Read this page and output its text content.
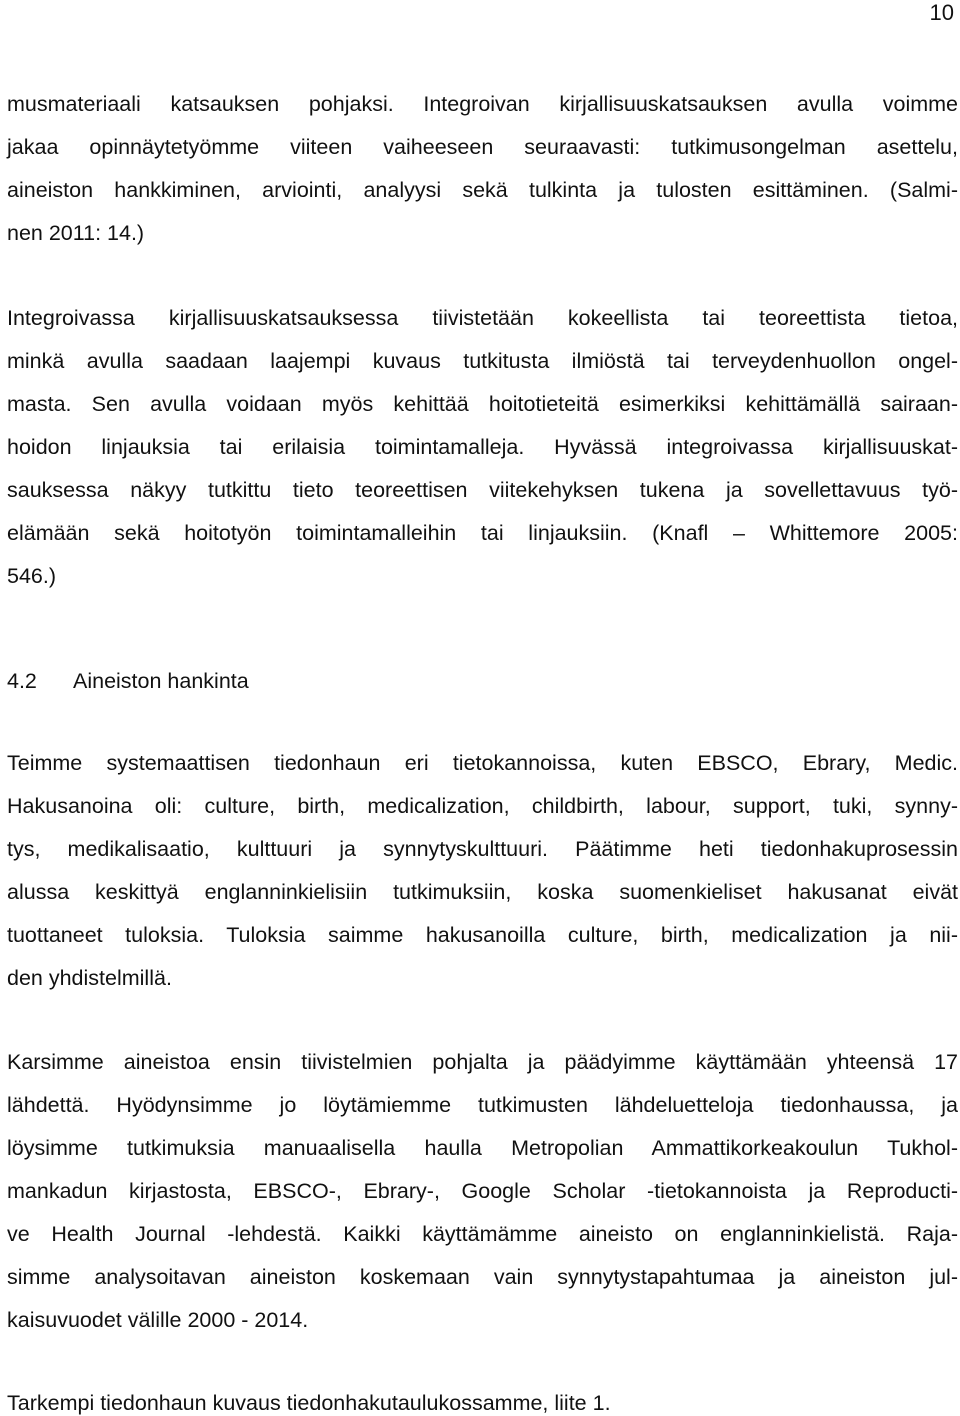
10
musmateriaali katsauksen pohjaksi. Integroivan kirjallisuuskatsauksen avulla voimme
jakaa opinnäytetyömme viiteen vaiheeseen seuraavasti: tutkimusongelman asettelu,
aineiston hankkiminen, arviointi, analyysi sekä tulkinta ja tulosten esittäminen. (Salmi-
nen 2011: 14.)
Integroivassa kirjallisuuskatsauksessa tiivistetään kokeellista tai teoreettista tietoa,
minkä avulla saadaan laajempi kuvaus tutkitusta ilmiöstä tai terveydenhuollon ongel-
masta. Sen avulla voidaan myös kehittää hoitotieteitä esimerkiksi kehittämällä sairaan-
hoidon linjauksia tai erilaisia toimintamalleja. Hyvässä integroivassa kirjallisuuskat-
sauksessa näkyy tutkittu tieto teoreettisen viitekehyksen tukena ja sovellettavuus työ-
elämään sekä hoitotyön toimintamalleihin tai linjauksiin. (Knafl – Whittemore 2005:
546.)
4.2 Aineiston hankinta
Teimme systemaattisen tiedonhaun eri tietokannoissa, kuten EBSCO, Ebrary, Medic.
Hakusanoina oli: culture, birth, medicalization, childbirth, labour, support, tuki, synny-
tys, medikalisaatio, kulttuuri ja synnytyskulttuuri. Päätimme heti tiedonhakuprosessin
alussa keskittyä englanninkielisiin tutkimuksiin, koska suomenkieliset hakusanat eivät
tuottaneet tuloksia. Tuloksia saimme hakusanoilla culture, birth, medicalization ja nii-
den yhdistelmillä.
Karsimme aineistoa ensin tiivistelmien pohjalta ja päädyimme käyttämään yhteensä 17
lähdettä. Hyödynsimme jo löytämiemme tutkimusten lähdeluetteloja tiedonhaussa, ja
löysimme tutkimuksia manuaalisella haulla Metropolian Ammattikorkeakoulun Tukhol-
mankadun kirjastosta, EBSCO-, Ebrary-, Google Scholar -tietokannoista ja Reproducti-
ve Health Journal -lehdestä. Kaikki käyttämämme aineisto on englanninkielistä. Raja-
simme analysoitavan aineiston koskemaan vain synnytystapahtumaa ja aineiston jul-
kaisuvuodet välille 2000 - 2014.
Tarkempi tiedonhaun kuvaus tiedonhakutaulukossamme, liite 1.
